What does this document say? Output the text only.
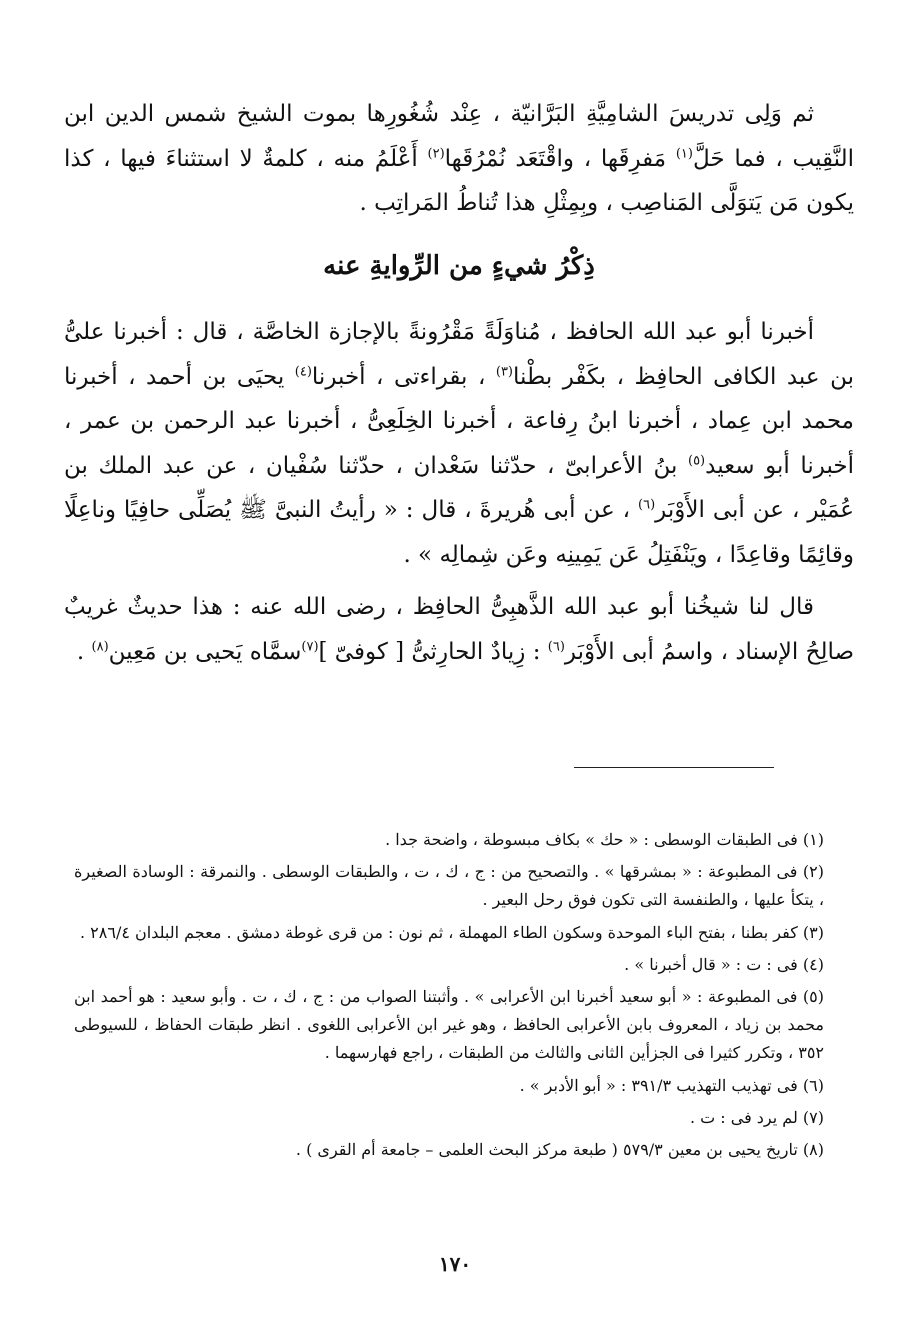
ثم وَلِى تدريسَ الشامِيَّةِ البَرَّانيّة ، عِنْد شُغُورِها بموت الشيخ شمس الدين ابن النَّقِيب ، فما حَلَّ$^{(١)}$ مَفرِقَها ، واقْتَعَد نُمْرُقَها$^{(٢)}$ أَعْلَمُ منه ، كلمةٌ لا استثناءَ فيها ، كذا يكون مَن يَتوَلَّى المَناصِب ، وبِمِثْلِ هذا تُناطُ المَراتِب .

ذِكْرُ شيءٍ من الرِّوايةِ عنه

أخبرنا أبو عبد الله الحافظ ، مُناوَلَةً مَقْرُونةً بالإجازة الخاصَّة ، قال : أخبرنا علىُّ بن عبد الكافى الحافِظ ، بكَفْر بطْنا$^{(٣)}$ ، بقراءتى ، أخبرنا$^{(٤)}$ يحيَى بن أحمد ، أخبرنا محمد ابن عِماد ، أخبرنا ابنُ رِفاعة ، أخبرنا الخِلَعِىُّ ، أخبرنا عبد الرحمن بن عمر ، أخبرنا أبو سعيد$^{(٥)}$ بنُ الأعرابىّ ، حدّثنا سَعْدان ، حدّثنا سُفْيان ، عن عبد الملك بن عُمَيْر ، عن أبى الأَوْبَر$^{(٦)}$ ، عن أبى هُريرةَ ، قال : « رأيتُ النبىَّ ﷺ يُصَلِّى حافِيًا وناعِلًا وقائِمًا وقاعِدًا ، ويَنْفَتِلُ عَن يَمِينِه وعَن شِمالِه » .

قال لنا شيخُنا أبو عبد الله الذَّهبِىُّ الحافِظ ، رضى الله عنه : هذا حديثٌ غريبٌ صالِحُ الإسناد ، واسمُ أبى الأَوْبَر$^{(٦)}$ : زِيادٌ الحارِثىُّ [ كوفىّ ]$^{(٧)}$سمَّاه يَحيى بن مَعِين$^{(٨)}$ .

(١) فى الطبقات الوسطى : « حك » بكاف مبسوطة ، واضحة جدا .

(٢) فى المطبوعة : « بمشرقها » . والتصحيح من : ج ، ك ، ت ، والطبقات الوسطى . والنمرقة : الوسادة الصغيرة ، يتكأ عليها ، والطنفسة التى تكون فوق رحل البعير .

(٣) كفر بطنا ، بفتح الباء الموحدة وسكون الطاء المهملة ، ثم نون : من قرى غوطة دمشق . معجم البلدان ٢٨٦/٤ .

(٤) فى : ت : « قال أخبرنا » .

(٥) فى المطبوعة : « أبو سعيد أخبرنا ابن الأعرابى » . وأثبتنا الصواب من : ج ، ك ، ت . وأبو سعيد : هو أحمد ابن محمد بن زياد ، المعروف بابن الأعرابى الحافظ ، وهو غير ابن الأعرابى اللغوى . انظر طبقات الحفاظ ، للسيوطى ٣٥٢ ، وتكرر كثيرا فى الجزأين الثانى والثالث من الطبقات ، راجع فهارسهما .

(٦) فى تهذيب التهذيب ٣٩١/٣ : « أبو الأدبر » .

(٧) لم يرد فى : ت .

(٨) تاريخ يحيى بن معين ٥٧٩/٣ ( طبعة مركز البحث العلمى – جامعة أم القرى ) .

١٧٠
